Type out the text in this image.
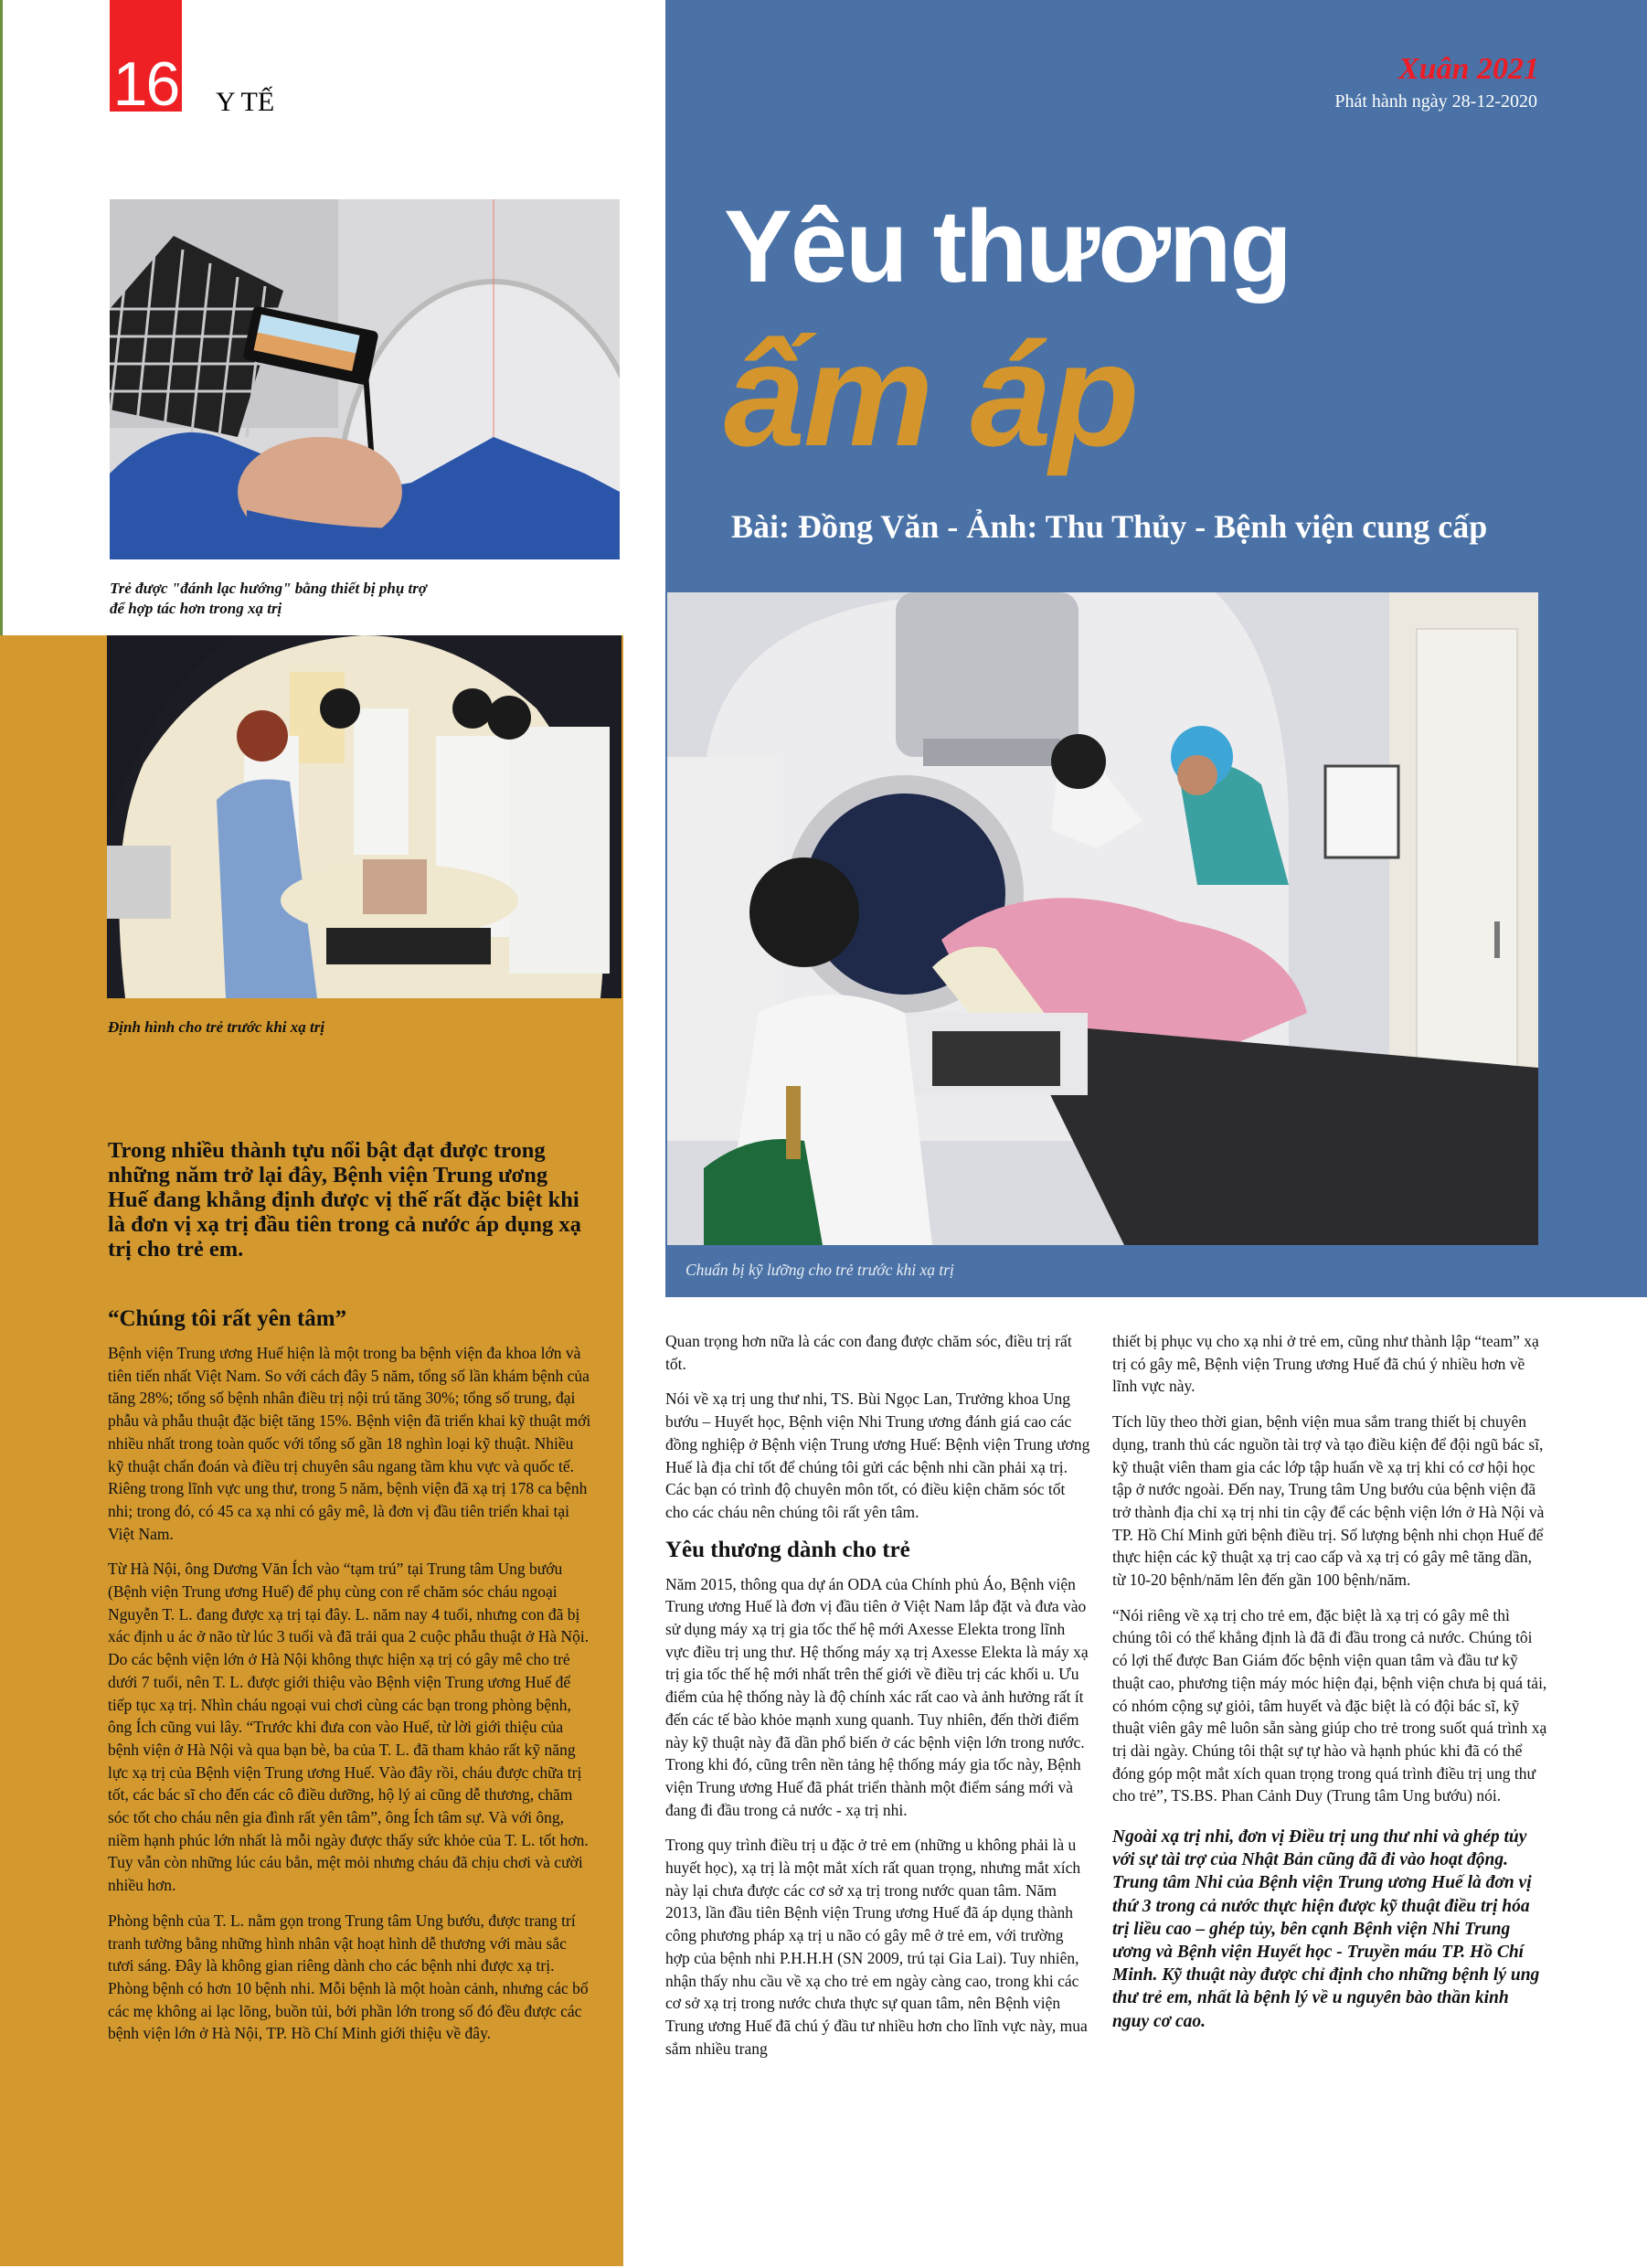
16 Y TẾ
Xuân 2021
Phát hành ngày 28-12-2020
Yêu thương
ấm áp
Bài: Đồng Văn - Ảnh: Thu Thủy - Bệnh viện cung cấp
Trẻ được "đánh lạc hướng" bằng thiết bị phụ trợ
để hợp tác hơn trong xạ trị
Định hình cho trẻ trước khi xạ trị
Trong nhiều thành tựu nổi bật đạt được trong những năm trở lại đây, Bệnh viện Trung ương Huế đang khẳng định được vị thế rất đặc biệt khi là đơn vị xạ trị đầu tiên trong cả nước áp dụng xạ trị cho trẻ em.
Chuẩn bị kỹ lưỡng cho trẻ trước khi xạ trị
“Chúng tôi rất yên tâm”

Bệnh viện Trung ương Huế hiện là một trong ba bệnh viện đa khoa lớn và tiên tiến nhất Việt Nam. So với cách đây 5 năm, tổng số lần khám bệnh của tăng 28%; tổng số bệnh nhân điều trị nội trú tăng 30%; tổng số trung, đại phẫu và phẫu thuật đặc biệt tăng 15%. Bệnh viện đã triển khai kỹ thuật mới nhiều nhất trong toàn quốc với tổng số gần 18 nghìn loại kỹ thuật. Nhiều kỹ thuật chẩn đoán và điều trị chuyên sâu ngang tầm khu vực và quốc tế. Riêng trong lĩnh vực ung thư, trong 5 năm, bệnh viện đã xạ trị 178 ca bệnh nhi; trong đó, có 45 ca xạ nhi có gây mê, là đơn vị đầu tiên triển khai tại Việt Nam.

Từ Hà Nội, ông Dương Văn Ích vào “tạm trú” tại Trung tâm Ung bướu (Bệnh viện Trung ương Huế) để phụ cùng con rể chăm sóc cháu ngoại Nguyễn T. L. đang được xạ trị tại đây. L. năm nay 4 tuổi, nhưng con đã bị xác định u ác ở não từ lúc 3 tuổi và đã trải qua 2 cuộc phẫu thuật ở Hà Nội. Do các bệnh viện lớn ở Hà Nội không thực hiện xạ trị có gây mê cho trẻ dưới 7 tuổi, nên T. L. được giới thiệu vào Bệnh viện Trung ương Huế để tiếp tục xạ trị. Nhìn cháu ngoại vui chơi cùng các bạn trong phòng bệnh, ông Ích cũng vui lây. “Trước khi đưa con vào Huế, từ lời giới thiệu của bệnh viện ở Hà Nội và qua bạn bè, ba của T. L. đã tham khảo rất kỹ năng lực xạ trị của Bệnh viện Trung ương Huế. Vào đây rồi, cháu được chữa trị tốt, các bác sĩ cho đến các cô điều dưỡng, hộ lý ai cũng dễ thương, chăm sóc tốt cho cháu nên gia đình rất yên tâm”, ông Ích tâm sự. Và với ông, niềm hạnh phúc lớn nhất là mỗi ngày được thấy sức khỏe của T. L. tốt hơn. Tuy vẫn còn những lúc cáu bẳn, mệt mỏi nhưng cháu đã chịu chơi và cười nhiều hơn.

Phòng bệnh của T. L. nằm gọn trong Trung tâm Ung bướu, được trang trí tranh tường bằng những hình nhân vật hoạt hình dễ thương với màu sắc tươi sáng. Đây là không gian riêng dành cho các bệnh nhi được xạ trị. Phòng bệnh có hơn 10 bệnh nhi. Mỗi bệnh là một hoàn cảnh, nhưng các bố các mẹ không ai lạc lõng, buồn tủi, bởi phần lớn trong số đó đều được các bệnh viện lớn ở Hà Nội, TP. Hồ Chí Minh giới thiệu về đây.

Quan trọng hơn nữa là các con đang được chăm sóc, điều trị rất tốt.

Nói về xạ trị ung thư nhi, TS. Bùi Ngọc Lan, Trưởng khoa Ung bướu – Huyết học, Bệnh viện Nhi Trung ương đánh giá cao các đồng nghiệp ở Bệnh viện Trung ương Huế: Bệnh viện Trung ương Huế là địa chỉ tốt để chúng tôi gửi các bệnh nhi cần phải xạ trị. Các bạn có trình độ chuyên môn tốt, có điều kiện chăm sóc tốt cho các cháu nên chúng tôi rất yên tâm.

Yêu thương dành cho trẻ

Năm 2015, thông qua dự án ODA của Chính phủ Áo, Bệnh viện Trung ương Huế là đơn vị đầu tiên ở Việt Nam lắp đặt và đưa vào sử dụng máy xạ trị gia tốc thế hệ mới Axesse Elekta trong lĩnh vực điều trị ung thư. Hệ thống máy xạ trị Axesse Elekta là máy xạ trị gia tốc thế hệ mới nhất trên thế giới về điều trị các khối u. Ưu điểm của hệ thống này là độ chính xác rất cao và ảnh hưởng rất ít đến các tế bào khỏe mạnh xung quanh. Tuy nhiên, đến thời điểm này kỹ thuật này đã dần phổ biến ở các bệnh viện lớn trong nước. Trong khi đó, cũng trên nền tảng hệ thống máy gia tốc này, Bệnh viện Trung ương Huế đã phát triển thành một điểm sáng mới và đang đi đầu trong cả nước - xạ trị nhi.

Trong quy trình điều trị u đặc ở trẻ em (những u không phải là u huyết học), xạ trị là một mắt xích rất quan trọng, nhưng mắt xích này lại chưa được các cơ sở xạ trị trong nước quan tâm. Năm 2013, lần đầu tiên Bệnh viện Trung ương Huế đã áp dụng thành công phương pháp xạ trị u não có gây mê ở trẻ em, với trường hợp của bệnh nhi P.H.H.H (SN 2009, trú tại Gia Lai). Tuy nhiên, nhận thấy nhu cầu về xạ cho trẻ em ngày càng cao, trong khi các cơ sở xạ trị trong nước chưa thực sự quan tâm, nên Bệnh viện Trung ương Huế đã chú ý đầu tư nhiều hơn cho lĩnh vực này, mua sắm nhiều trang

thiết bị phục vụ cho xạ nhi ở trẻ em, cũng như thành lập “team” xạ trị có gây mê, Bệnh viện Trung ương Huế đã chú ý nhiều hơn về lĩnh vực này.

Tích lũy theo thời gian, bệnh viện mua sắm trang thiết bị chuyên dụng, tranh thủ các nguồn tài trợ và tạo điều kiện để đội ngũ bác sĩ, kỹ thuật viên tham gia các lớp tập huấn về xạ trị khi có cơ hội học tập ở nước ngoài. Đến nay, Trung tâm Ung bướu của bệnh viện đã trở thành địa chỉ xạ trị nhi tin cậy để các bệnh viện lớn ở Hà Nội và TP. Hồ Chí Minh gửi bệnh điều trị. Số lượng bệnh nhi chọn Huế để thực hiện các kỹ thuật xạ trị cao cấp và xạ trị có gây mê tăng dần, từ 10-20 bệnh/năm lên đến gần 100 bệnh/năm.

“Nói riêng về xạ trị cho trẻ em, đặc biệt là xạ trị có gây mê thì chúng tôi có thể khẳng định là đã đi đầu trong cả nước. Chúng tôi có lợi thế được Ban Giám đốc bệnh viện quan tâm và đầu tư kỹ thuật cao, phương tiện máy móc hiện đại, bệnh viện chưa bị quá tải, có nhóm cộng sự giỏi, tâm huyết và đặc biệt là có đội bác sĩ, kỹ thuật viên gây mê luôn sẵn sàng giúp cho trẻ trong suốt quá trình xạ trị dài ngày. Chúng tôi thật sự tự hào và hạnh phúc khi đã có thể đóng góp một mắt xích quan trọng trong quá trình điều trị ung thư cho trẻ”, TS.BS. Phan Cảnh Duy (Trung tâm Ung bướu) nói.

Ngoài xạ trị nhi, đơn vị Điều trị ung thư nhi và ghép tủy với sự tài trợ của Nhật Bản cũng đã đi vào hoạt động. Trung tâm Nhi của Bệnh viện Trung ương Huế là đơn vị thứ 3 trong cả nước thực hiện được kỹ thuật điều trị hóa trị liều cao – ghép tủy, bên cạnh Bệnh viện Nhi Trung ương và Bệnh viện Huyết học - Truyền máu TP. Hồ Chí Minh. Kỹ thuật này được chỉ định cho những bệnh lý ung thư trẻ em, nhất là bệnh lý về u nguyên bào thần kinh nguy cơ cao.
